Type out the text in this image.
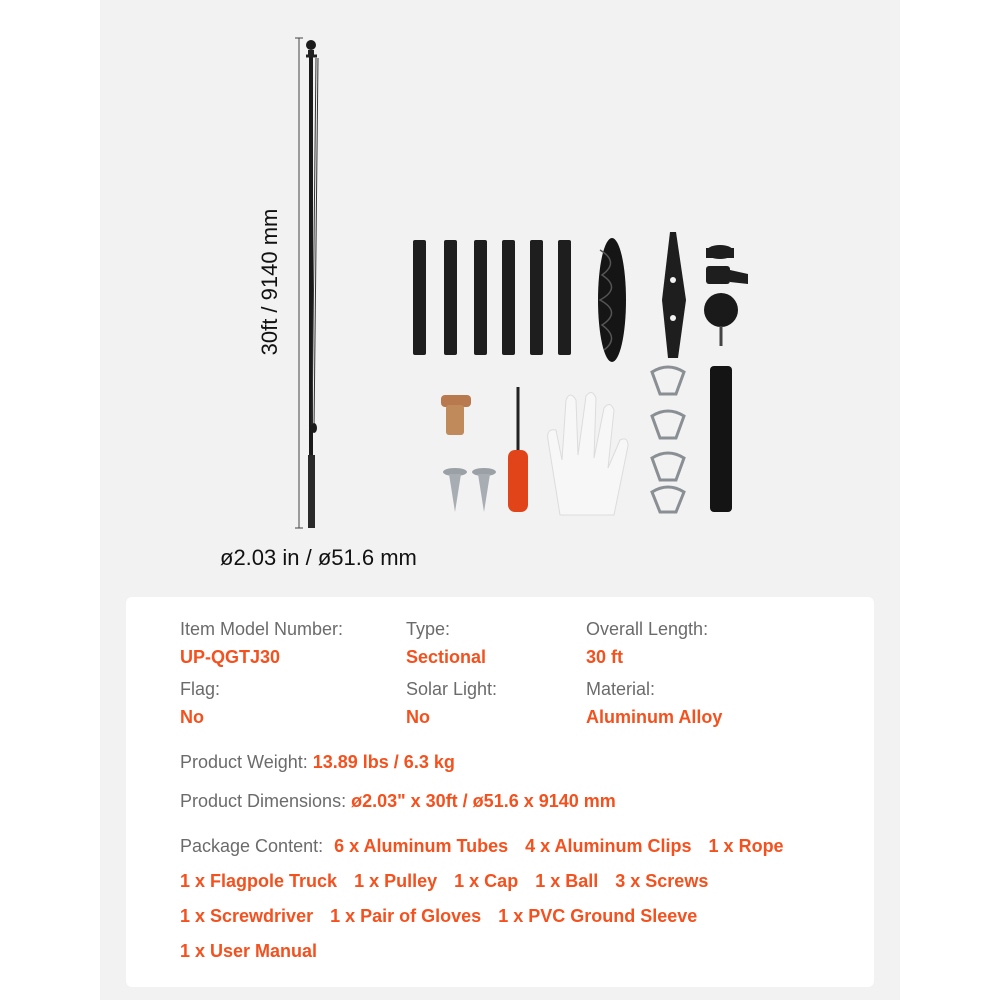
30ft / 9140 mm
ø2.03 in / ø51.6 mm
Item Model Number:
UP-QGTJ30
Type:
Sectional
Overall Length:
30 ft
Flag:
No
Solar Light:
No
Material:
Aluminum Alloy
Product Weight: 13.89 lbs / 6.3 kg
Product Dimensions: ø2.03" x 30ft / ø51.6 x 9140 mm
Package Content: 6 x Aluminum Tubes 4 x Aluminum Clips 1 x Rope
1 x Flagpole Truck 1 x Pulley 1 x Cap 1 x Ball 3 x Screws
1 x Screwdriver 1 x Pair of Gloves 1 x PVC Ground Sleeve
1 x User Manual
